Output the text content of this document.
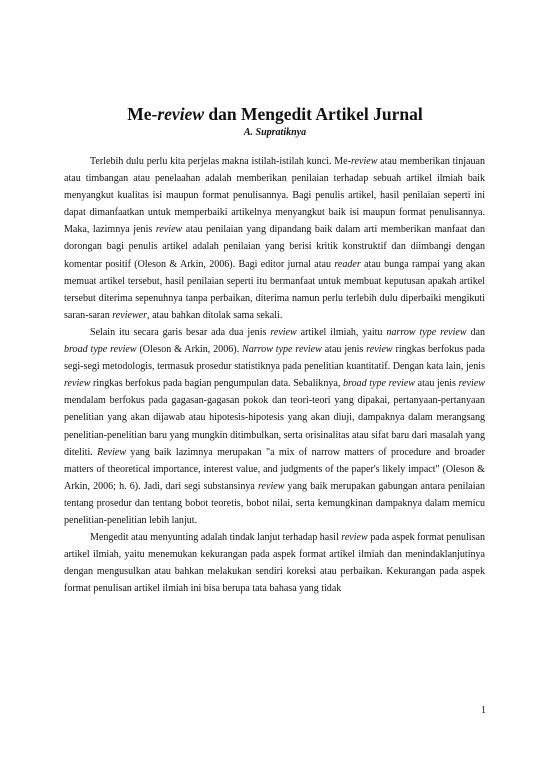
Me-review dan Mengedit Artikel Jurnal
A. Supratiknya

Terlebih dulu perlu kita perjelas makna istilah-istilah kunci. Me-review atau memberikan tinjauan atau timbangan atau penelaahan adalah memberikan penilaian terhadap sebuah artikel ilmiah baik menyangkut kualitas isi maupun format penulisannya. Bagi penulis artikel, hasil penilaian seperti ini dapat dimanfaatkan untuk memperbaiki artikelnya menyangkut baik isi maupun format penulisannya. Maka, lazimnya jenis review atau penilaian yang dipandang baik dalam arti memberikan manfaat dan dorongan bagi penulis artikel adalah penilaian yang berisi kritik konstruktif dan diimbangi dengan komentar positif (Oleson & Arkin, 2006). Bagi editor jurnal atau reader atau bunga rampai yang akan memuat artikel tersebut, hasil penilaian seperti itu bermanfaat untuk membuat keputusan apakah artikel tersebut diterima sepenuhnya tanpa perbaikan, diterima namun perlu terlebih dulu diperbaiki mengikuti saran-saran reviewer, atau bahkan ditolak sama sekali.

Selain itu secara garis besar ada dua jenis review artikel ilmiah, yaitu narrow type review dan broad type review (Oleson & Arkin, 2006). Narrow type review atau jenis review ringkas berfokus pada segi-segi metodologis, termasuk prosedur statistiknya pada penelitian kuantitatif. Dengan kata lain, jenis review ringkas berfokus pada bagian pengumpulan data. Sebaliknya, broad type review atau jenis review mendalam berfokus pada gagasan-gagasan pokok dan teori-teori yang dipakai, pertanyaan-pertanyaan penelitian yang akan dijawab atau hipotesis-hipotesis yang akan diuji, dampaknya dalam merangsang penelitian-penelitian baru yang mungkin ditimbulkan, serta orisinalitas atau sifat baru dari masalah yang diteliti. Review yang baik lazimnya merupakan "a mix of narrow matters of procedure and broader matters of theoretical importance, interest value, and judgments of the paper's likely impact" (Oleson & Arkin, 2006; h. 6). Jadi, dari segi substansinya review yang baik merupakan gabungan antara penilaian tentang prosedur dan tentang bobot teoretis, bobot nilai, serta kemungkinan dampaknya dalam memicu penelitian-penelitian lebih lanjut.

Mengedit atau menyunting adalah tindak lanjut terhadap hasil review pada aspek format penulisan artikel ilmiah, yaitu menemukan kekurangan pada aspek format artikel ilmiah dan menindaklanjutinya dengan mengusulkan atau bahkan melakukan sendiri koreksi atau perbaikan. Kekurangan pada aspek format penulisan artikel ilmiah ini bisa berupa tata bahasa yang tidak

1
